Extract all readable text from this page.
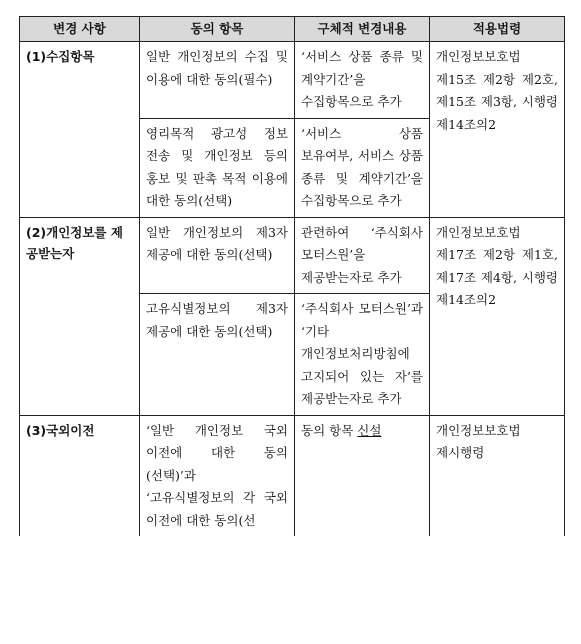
변경 사항	동의 항목	구체적 변경내용	적용법령
(1)수집항목	일반 개인정보의 수집 및 이용에 대한 동의(필수)	‘서비스 상품 종류 및 계약기간’을 수집항목으로 추가	개인정보보호법 제15조 제2항 제2호, 제15조 제3항, 시행령 제14조의2
	영리목적 광고성 정보 전송 및 개인정보 등의 홍보 및 판촉 목적 이용에 대한 동의(선택)	‘서비스 상품 보유여부, 서비스 상품 종류 및 계약기간’을 수집항목으로 추가	
(2)개인정보를 제공받는자	일반 개인정보의 제3자 제공에 대한 동의(선택)	관련하여 ‘주식회사 모터스원’을 제공받는자로 추가	개인정보보호법 제17조 제2항 제1호, 제17조 제4항, 시행령 제14조의2
	고유식별정보의 제3자 제공에 대한 동의(선택)	‘주식회사 모터스원’과 ‘기타 개인정보처리방침에 고지되어 있는 자’를 제공받는자로 추가	
(3)국외이전	‘일반 개인정보 국외 이전에 대한 동의(선택)’과 ‘고유식별정보의 각 국외 이전에 대한 동의(선	동의 항목 신설	개인정보보호법 제시행령
